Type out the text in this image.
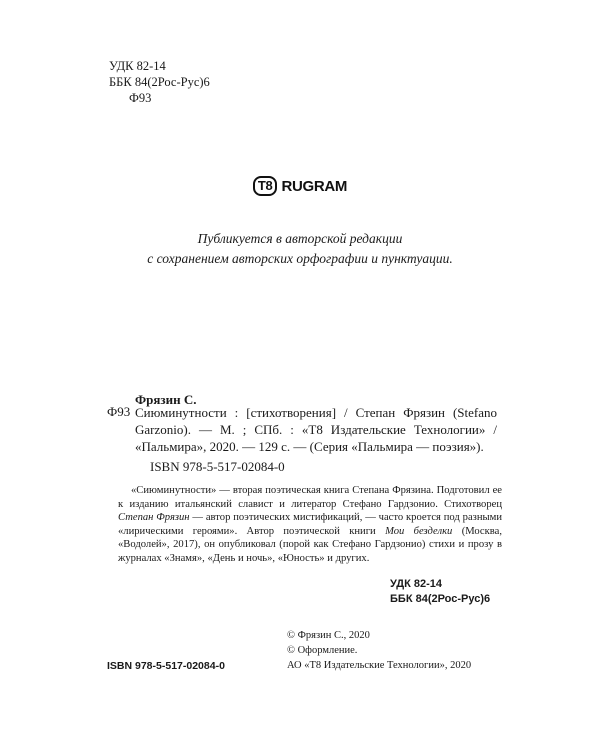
УДК 82-14
ББК 84(2Рос-Рус)6
Ф93
T8 RUGRAM
Публикуется в авторской редакции
с сохранением авторских орфографии и пунктуации.
Фрязин С.
Ф93 Сиюминутности : [стихотворения] / Степан Фрязин (Stefano Garzonio). — М. ; СПб. : «Т8 Издательские Технологии» / «Пальмира», 2020. — 129 с. — (Серия «Пальмира — поэзия»).
ISBN 978-5-517-02084-0
«Сиюминутности» — вторая поэтическая книга Степана Фрязина. Подготовил ее к изданию итальянский славист и литератор Стефано Гардзонио. Стихотворец Степан Фрязин — автор поэтических мистификаций, — часто кроется под разными «лирическими героями». Автор поэтической книги Мои безделки (Москва, «Водолей», 2017), он опубликовал (порой как Стефано Гардзонио) стихи и прозу в журналах «Знамя», «День и ночь», «Юность» и других.
УДК 82-14
ББК 84(2Рос-Рус)6
ISBN 978-5-517-02084-0
© Фрязин С., 2020
© Оформление.
АО «Т8 Издательские Технологии», 2020
